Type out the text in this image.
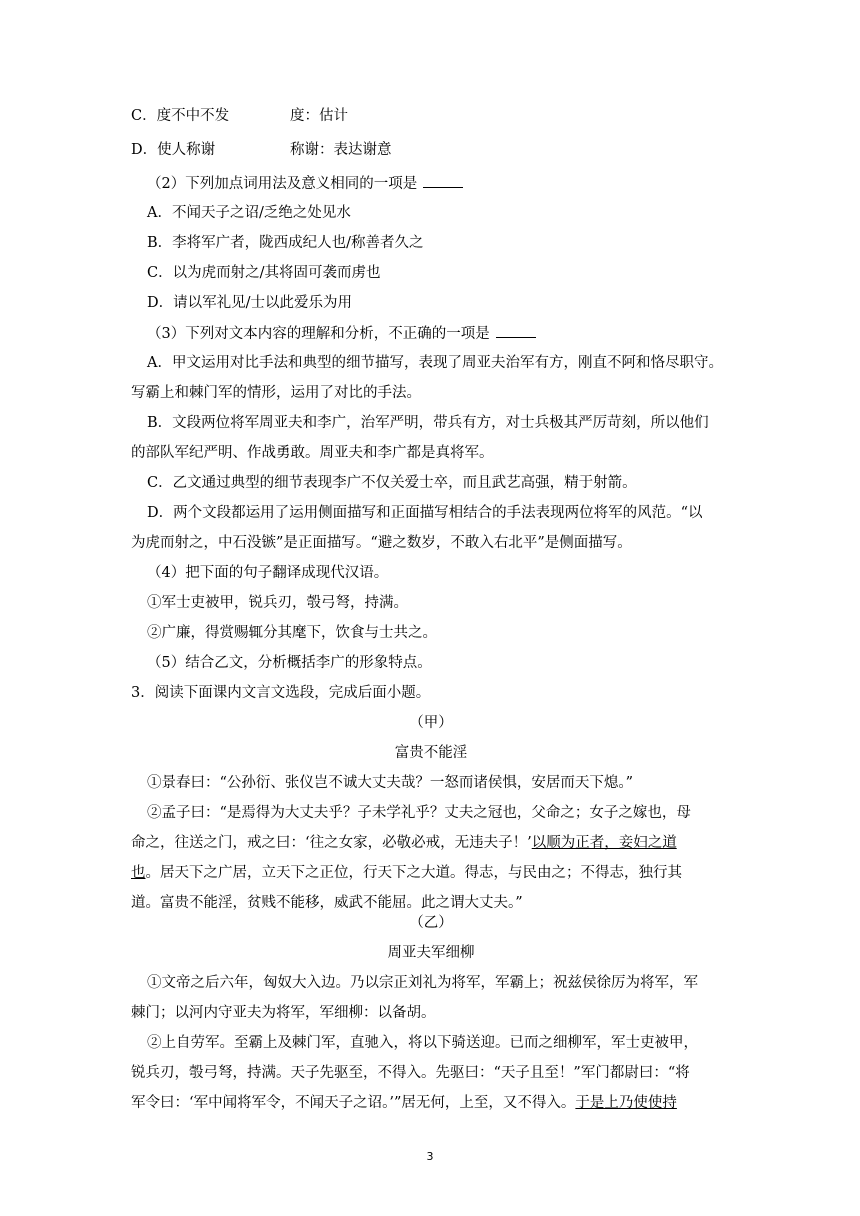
C．度不中不发	度：估计
D．使人称谢	称谢：表达谢意
（2）下列加点词用法及意义相同的一项是
A．不闻天子之诏/乏绝之处见水
B．李将军广者，陇西成纪人也/称善者久之
C．以为虎而射之/其将固可袭而虏也
D．请以军礼见/士以此爱乐为用
（3）下列对文本内容的理解和分析，不正确的一项是
A．甲文运用对比手法和典型的细节描写，表现了周亚夫治军有方，刚直不阿和恪尽职守。
写霸上和棘门军的情形，运用了对比的手法。
B．文段两位将军周亚夫和李广，治军严明，带兵有方，对士兵极其严厉苛刻，所以他们
的部队军纪严明、作战勇敢。周亚夫和李广都是真将军。
C．乙文通过典型的细节表现李广不仅关爱士卒，而且武艺高强，精于射箭。
D．两个文段都运用了运用侧面描写和正面描写相结合的手法表现两位将军的风范。“以
为虎而射之，中石没镞”是正面描写。“避之数岁，不敢入右北平”是侧面描写。
（4）把下面的句子翻译成现代汉语。
①军士吏被甲，锐兵刃，彀弓弩，持满。
②广廉，得赏赐辄分其麾下，饮食与士共之。
（5）结合乙文，分析概括李广的形象特点。
3．阅读下面课内文言文选段，完成后面小题。
（甲）
富贵不能淫
①景春曰：“公孙衍、张仪岂不诚大丈夫哉？一怒而诸侯惧，安居而天下熄。”
②孟子曰：“是焉得为大丈夫乎？子未学礼乎？丈夫之冠也，父命之；女子之嫁也，母
命之，往送之门，戒之曰：‘往之女家，必敬必戒，无违夫子！’以顺为正者，妾妇之道
也。居天下之广居，立天下之正位，行天下之大道。得志，与民由之；不得志，独行其
道。富贵不能淫，贫贱不能移，威武不能屈。此之谓大丈夫。”
（乙）
周亚夫军细柳
①文帝之后六年，匈奴大入边。乃以宗正刘礼为将军，军霸上；祝兹侯徐厉为将军，军
棘门；以河内守亚夫为将军，军细柳：以备胡。
②上自劳军。至霸上及棘门军，直驰入，将以下骑送迎。已而之细柳军，军士吏被甲，
锐兵刃，彀弓弩，持满。天子先驱至，不得入。先驱曰：“天子且至！”军门都尉曰：“将
军令曰：‘军中闻将军令，不闻天子之诏。’”居无何，上至，又不得入。于是上乃使使持
3
